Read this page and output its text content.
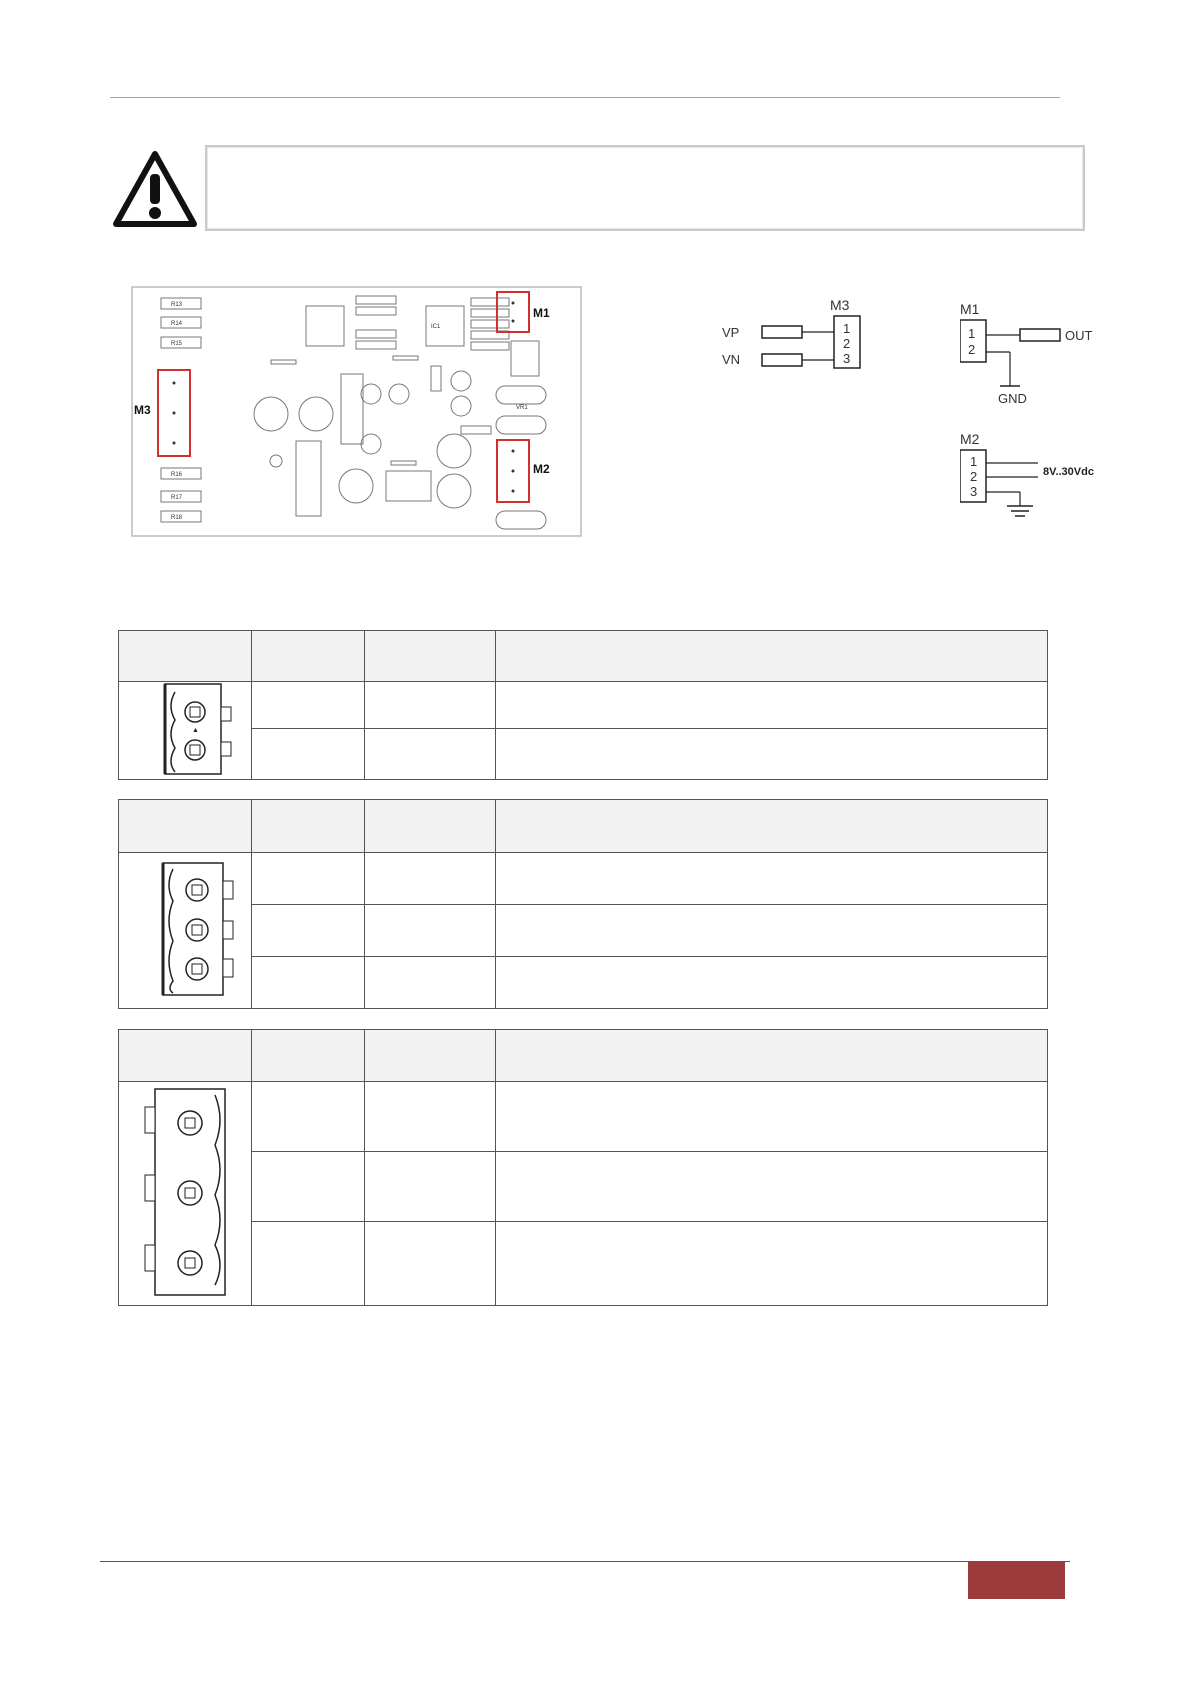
R13
R14
R15
R16
R17
R18
IC1
VR1
M3
M1
M2
M3
1
2
3
VP
VN
M1
1
2
OUT
GND
M2
1
2
3
8V..30Vdc

▲			
